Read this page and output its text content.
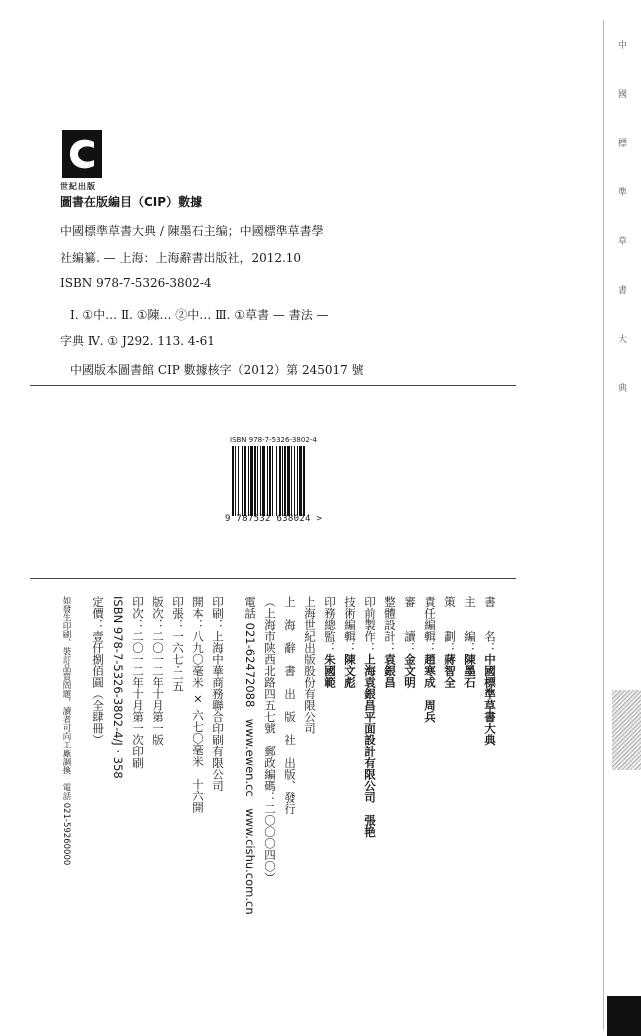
世紀出版
圖書在版編目（CIP）數據
中國標準草書大典 / 陳墨石主编；中國標準草書學
社編纂. — 上海：上海辭書出版社，2012.10
ISBN 978-7-5326-3802-4
Ⅰ. ①中… Ⅱ. ①陳… ②中… Ⅲ. ①草書 — 書法 —
字典 Ⅳ. ① J292. 113. 4-61
中國版本圖書館 CIP 數據核字（2012）第 245017 號
ISBN 978-7-5326-3802-4
9 787532 638024 >
書　　名：中國標準草書大典
主　　編：陳墨石
策　　劃：蔣智全
責任編輯：趙寒成　周兵
審　　讀：金文明
整體設計：袁銀昌
印前製作：上海袁銀昌平面設計有限公司　張艳
技術編輯：陳文彪
印務總監：朱國範
上海世紀出版股份有限公司
上　海　辭　書　出　版　社　出版、發行
（上海市陕西北路四五七號　郵政編碼：二〇〇〇四〇）
電話 021-62472088　www.ewen.cc　www.cishu.com.cn
印刷：上海中華商務聯合印刷有限公司
開本：八九〇毫米 × 六七〇毫米　十六開
印張：一六七·二五
版次：二〇一二年十月第一版
印次：二〇一二年十月第一次印刷
ISBN 978-7-5326-3802-4/J · 358
定價：壹仟捌佰圓（全肆冊）
如發生印刷、裝訂品質問題，讀者可向工廠調換　電話 021-59260000
中國標準草書大典
